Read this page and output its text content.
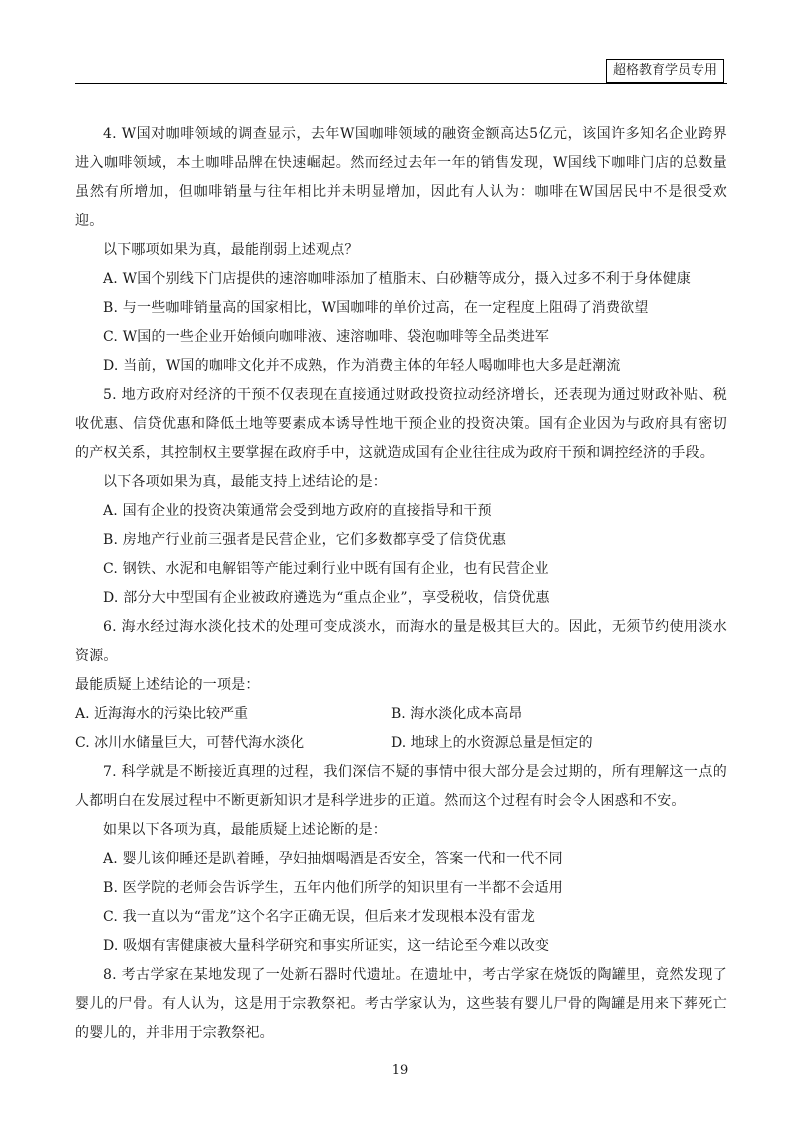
超格教育学员专用

4. W国对咖啡领域的调查显示，去年W国咖啡领域的融资金额高达5亿元，该国许多知名企业跨界进入咖啡领域，本土咖啡品牌在快速崛起。然而经过去年一年的销售发现，W国线下咖啡门店的总数量虽然有所增加，但咖啡销量与往年相比并未明显增加，因此有人认为：咖啡在W国居民中不是很受欢迎。

以下哪项如果为真，最能削弱上述观点？

A. W国个别线下门店提供的速溶咖啡添加了植脂末、白砂糖等成分，摄入过多不利于身体健康

B. 与一些咖啡销量高的国家相比，W国咖啡的单价过高，在一定程度上阻碍了消费欲望

C. W国的一些企业开始倾向咖啡液、速溶咖啡、袋泡咖啡等全品类进军

D. 当前，W国的咖啡文化并不成熟，作为消费主体的年轻人喝咖啡也大多是赶潮流

5. 地方政府对经济的干预不仅表现在直接通过财政投资拉动经济增长，还表现为通过财政补贴、税收优惠、信贷优惠和降低土地等要素成本诱导性地干预企业的投资决策。国有企业因为与政府具有密切的产权关系，其控制权主要掌握在政府手中，这就造成国有企业往往成为政府干预和调控经济的手段。

以下各项如果为真，最能支持上述结论的是：

A. 国有企业的投资决策通常会受到地方政府的直接指导和干预

B. 房地产行业前三强者是民营企业，它们多数都享受了信贷优惠

C. 钢铁、水泥和电解铝等产能过剩行业中既有国有企业，也有民营企业

D. 部分大中型国有企业被政府遴选为“重点企业”，享受税收，信贷优惠

6. 海水经过海水淡化技术的处理可变成淡水，而海水的量是极其巨大的。因此，无须节约使用淡水资源。

最能质疑上述结论的一项是：

A. 近海海水的污染比较严重	B. 海水淡化成本高昂
C. 冰川水储量巨大，可替代海水淡化	D. 地球上的水资源总量是恒定的

7. 科学就是不断接近真理的过程，我们深信不疑的事情中很大部分是会过期的，所有理解这一点的人都明白在发展过程中不断更新知识才是科学进步的正道。然而这个过程有时会令人困惑和不安。

如果以下各项为真，最能质疑上述论断的是：

A. 婴儿该仰睡还是趴着睡，孕妇抽烟喝酒是否安全，答案一代和一代不同

B. 医学院的老师会告诉学生，五年内他们所学的知识里有一半都不会适用

C. 我一直以为“雷龙”这个名字正确无误，但后来才发现根本没有雷龙

D. 吸烟有害健康被大量科学研究和事实所证实，这一结论至今难以改变

8. 考古学家在某地发现了一处新石器时代遗址。在遗址中，考古学家在烧饭的陶罐里，竟然发现了婴儿的尸骨。有人认为，这是用于宗教祭祀。考古学家认为，这些装有婴儿尸骨的陶罐是用来下葬死亡的婴儿的，并非用于宗教祭祀。

19
